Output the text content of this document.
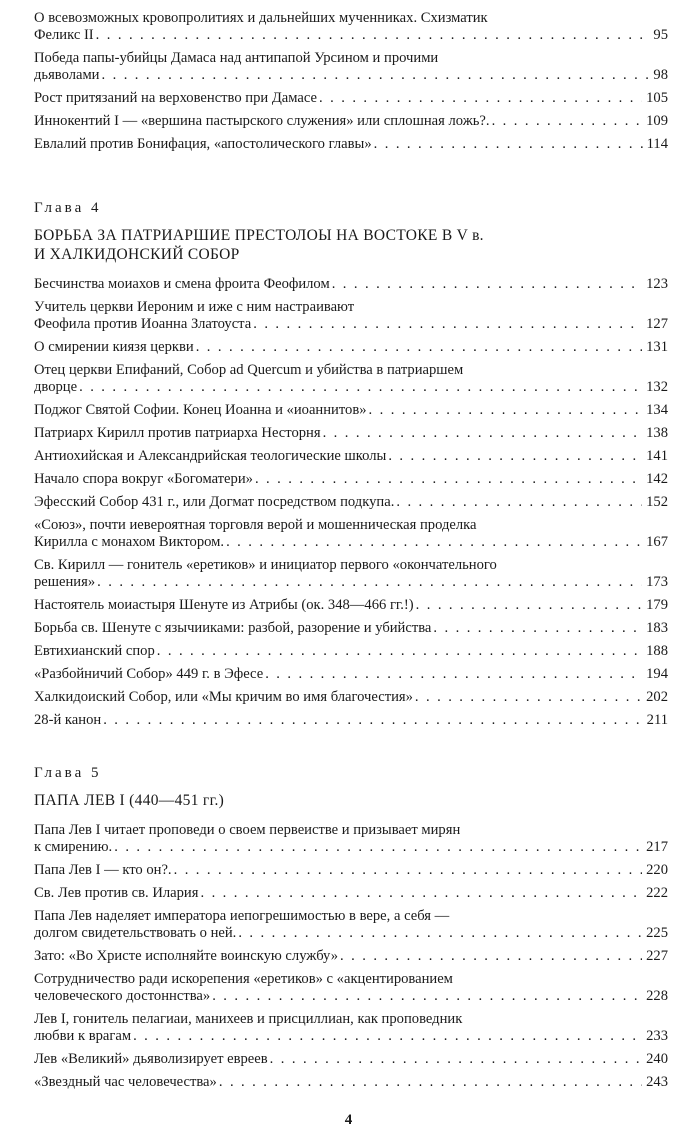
О всевозможных кровопролитиях и дальнейших мученниках. Схизматик
Феликс II . . .	95
Победа папы-убийцы Дамаса над антипапой Урсином и прочими
дьяволами . . .	98
Рост притязаний на верховенство при Дамасе . . .	105
Иннокентий I — «вершина пастырского служения» или сплошная ложь?. . . .	109
Евлалий против Бонифация, «апостолического главы» . . .	114
Глава 4
БОРЬБА ЗА ПАТРИАРШИЕ ПРЕСТОЛОЫ НА ВОСТОКЕ В V в.
И ХАЛКИДОНСКИЙ СОБОР
Бесчинства моиахов и смена фроита Феофилом . . .	123
Учитель церкви Иероним и иже с ним настраивают
Феофила против Иоанна Златоуста . . .	127
О смирении киязя церкви . . .	131
Отец церкви Епифаний, Собор ad Quercum и убийства в патриаршем
дворце . . .	132
Поджог Святой Софии. Конец Иоанна и «иоаннитов» . . .	134
Патриарх Кирилл против патриарха Несторня . . .	138
Антиохийская и Александрийская теологические школы . . .	141
Начало спора вокруг «Богоматери» . . .	142
Эфесский Собор 431 г., или Догмат посредством подкупа. . . .	152
«Союз», почти иевероятная торговля верой и мошенническая проделка
Кирилла с монахом Виктором. . . .	167
Св. Кирилл — гонитель «еретиков» и инициатор первого «окончательного
решения» . . .	173
Настоятель моиастыря Шенуте из Атрибы (ок. 348—466 гг.!) . . .	179
Борьба св. Шенуте с язычииками: разбой, разорение и убийства . . .	183
Евтихианский спор . . .	188
«Разбойничий Собор» 449 г. в Эфесе . . .	194
Халкидоиский Собор, или «Мы кричим во имя благочестия» . . .	202
28-й канон . . .	211
Глава 5
ПАПА ЛЕВ I (440—451 гг.)
Папа Лев I читает проповеди о своем первеистве и призывает мирян
к смирению. . . .	217
Папа Лев I — кто он?. . . .	220
Св. Лев против св. Илария . . .	222
Папа Лев наделяет императора иепогрешимостью в вере, а себя —
долгом свидетельствовать о ней. . . .	225
Зато: «Во Христе исполняйте воинскую службу» . . .	227
Сотрудничество ради искорепения «еретиков» с «акцентированием
человеческого достоннства» . . .	228
Лев I, гонитель пелагиаи, манихеев и присциллиан, как проповедник
любви к врагам . . .	233
Лев «Великий» дьяволизирует евреев . . .	240
«Звездный час человечества» . . .	243
4
